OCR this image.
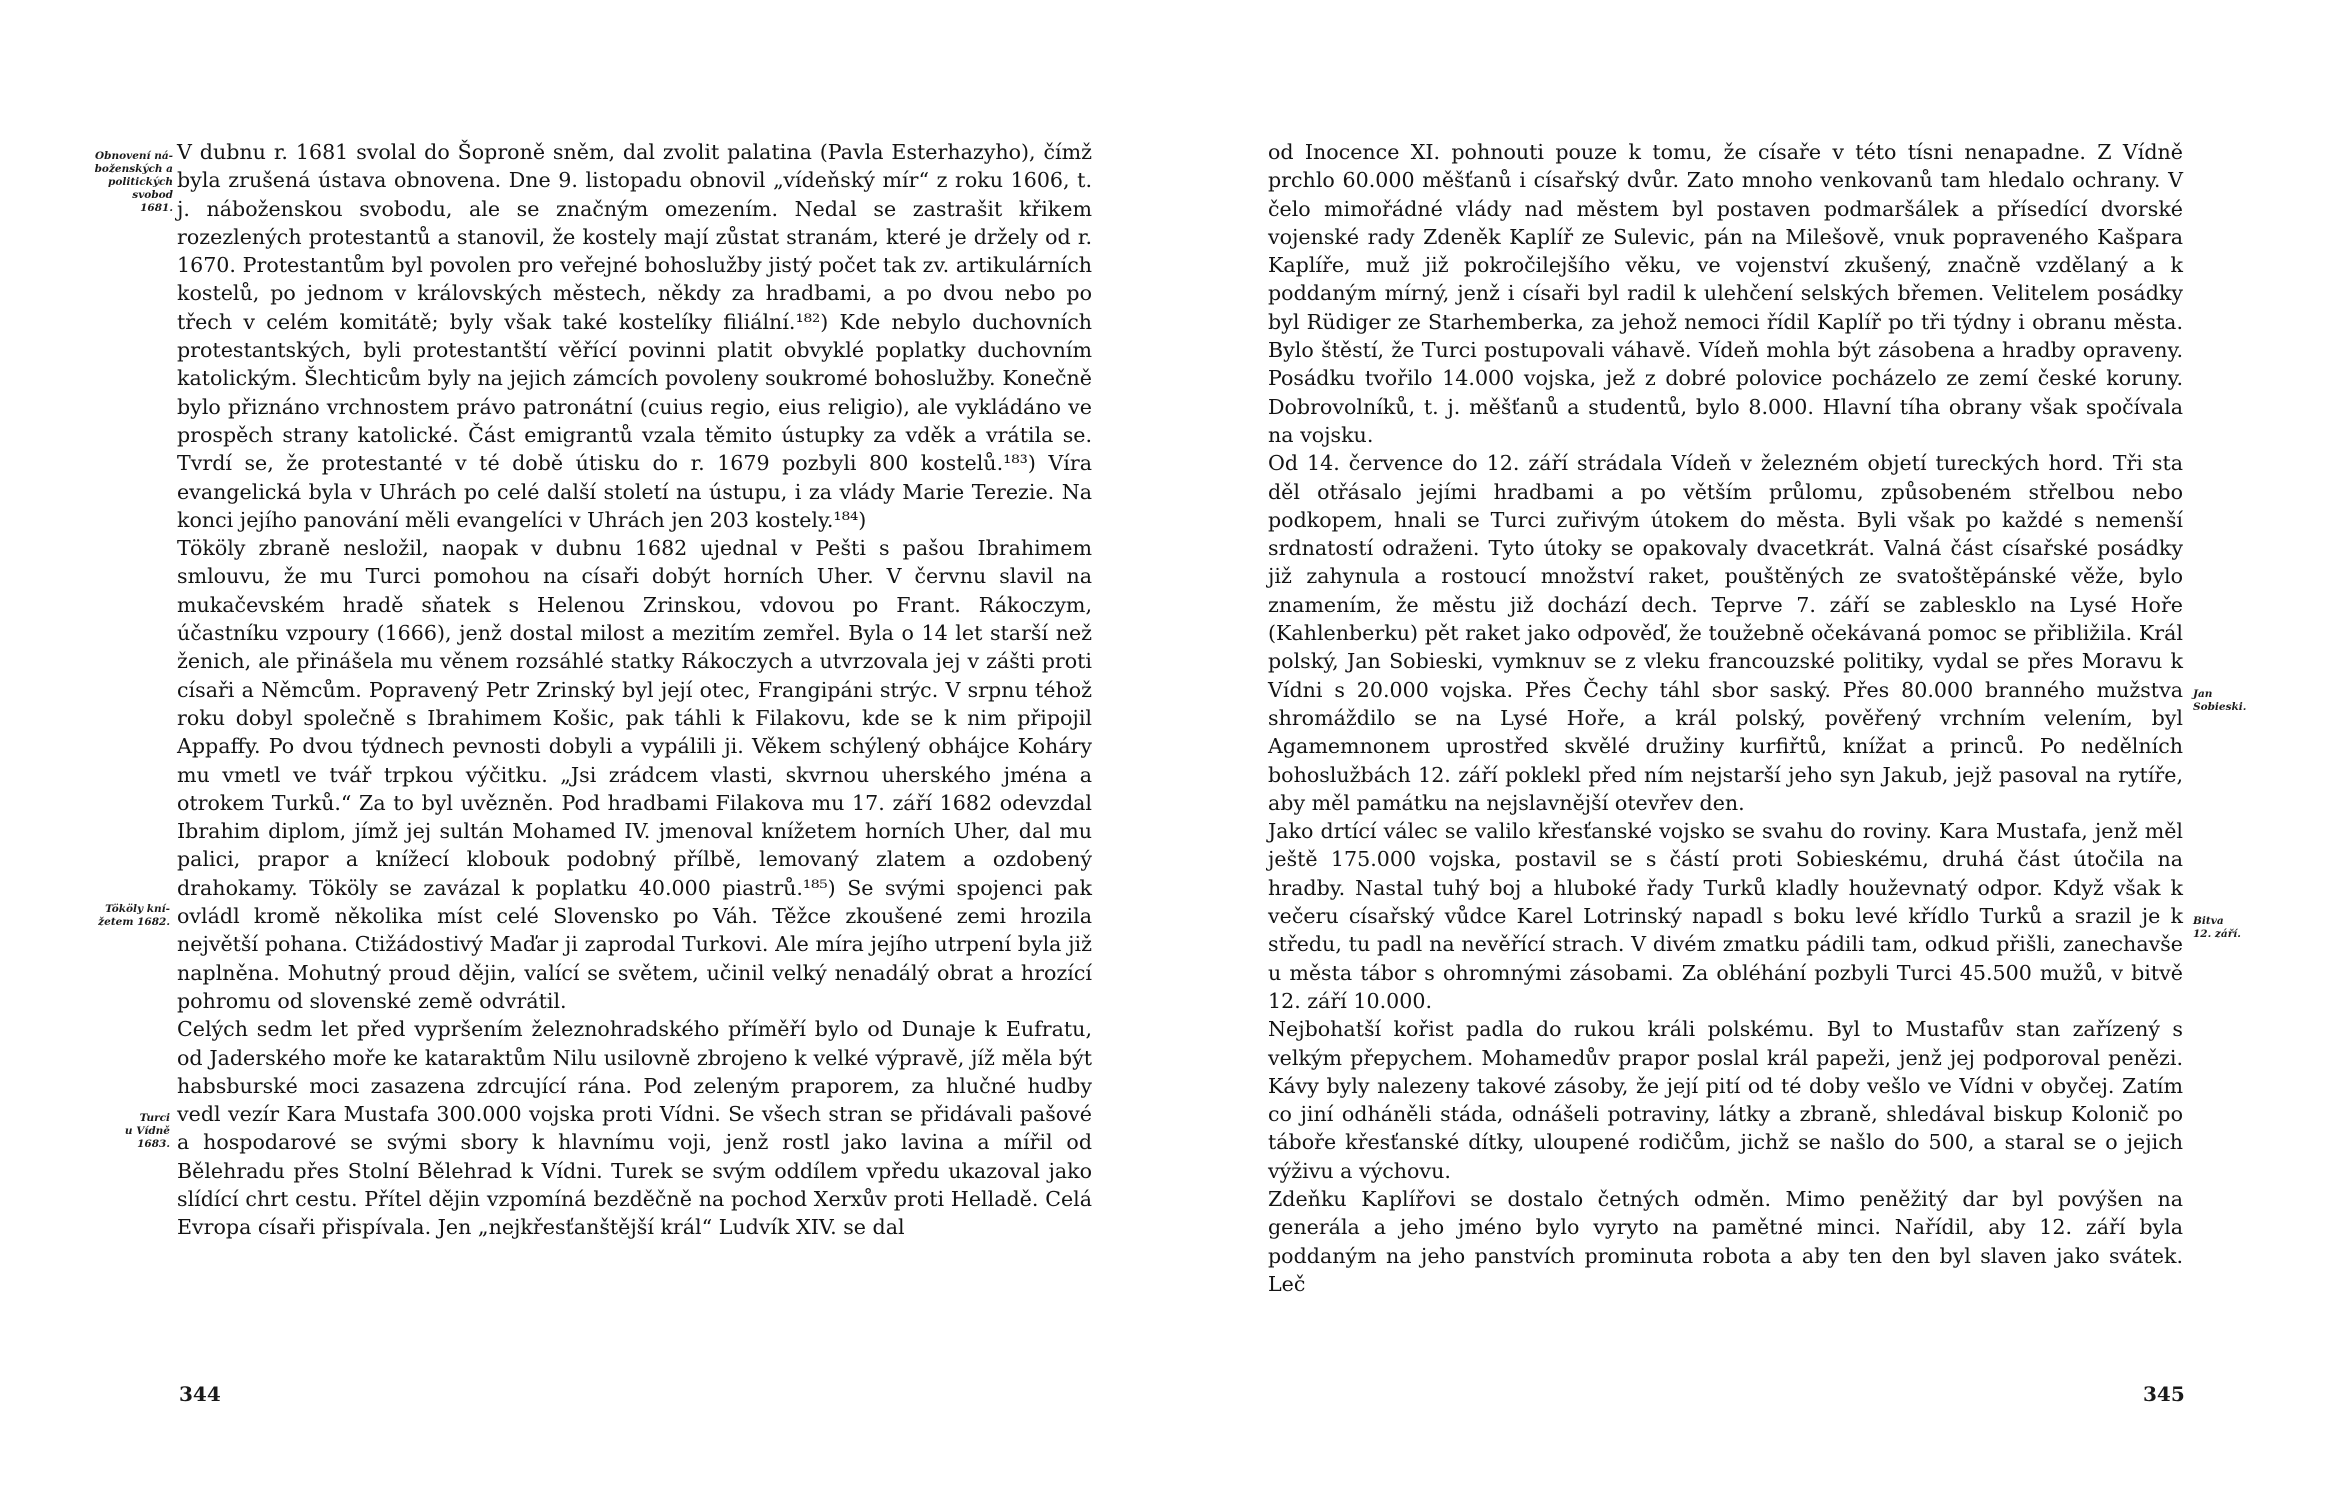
Obnovení ná-
boženských a
politických
svobod
1681.
Tököly kní-
žetem 1682.
Turci
u Vídně
1683.

V dubnu r. 1681 svolal do Šoproně sněm, dal zvolit palatina (Pavla Esterhazyho), čímž byla zrušená ústava obnovena. Dne 9. listopadu obnovil „vídeňský mír“ z roku 1606, t. j. náboženskou svobodu, ale se značným omezením. Nedal se zastrašit křikem rozezlených protestantů a stanovil, že kostely mají zůstat stranám, které je držely od r. 1670. Protestantům byl povolen pro veřejné bohoslužby jistý počet tak zv. artikulárních kostelů, po jednom v královských městech, někdy za hradbami, a po dvou nebo po třech v celém komitátě; byly však také kostelíky filiální.¹⁸²) Kde nebylo duchovních protestantských, byli protestantští věřící povinni platit obvyklé poplatky duchovním katolickým. Šlechticům byly na jejich zámcích povoleny soukromé bohoslužby. Konečně bylo přiznáno vrchnostem právo patronátní (cuius regio, eius religio), ale vykládáno ve prospěch strany katolické. Část emigrantů vzala těmito ústupky za vděk a vrátila se. Tvrdí se, že protestanté v té době útisku do r. 1679 pozbyli 800 kostelů.¹⁸³) Víra evangelická byla v Uhrách po celé další století na ústupu, i za vlády Marie Terezie. Na konci jejího panování měli evangelíci v Uhrách jen 203 kostely.¹⁸⁴)

Tököly zbraně nesložil, naopak v dubnu 1682 ujednal v Pešti s pašou Ibrahimem smlouvu, že mu Turci pomohou na císaři dobýt horních Uher. V červnu slavil na mukačevském hradě sňatek s Helenou Zrinskou, vdovou po Frant. Rákoczym, účastníku vzpoury (1666), jenž dostal milost a mezitím zemřel. Byla o 14 let starší než ženich, ale přinášela mu věnem rozsáhlé statky Rákoczych a utvrzovala jej v zášti proti císaři a Němcům. Popravený Petr Zrinský byl její otec, Frangipáni strýc. V srpnu téhož roku dobyl společně s Ibrahimem Košic, pak táhli k Filakovu, kde se k nim připojil Appaffy. Po dvou týdnech pevnosti dobyli a vypálili ji. Věkem schýlený obhájce Koháry mu vmetl ve tvář trpkou výčitku. „Jsi zrádcem vlasti, skvrnou uherského jména a otrokem Turků.“ Za to byl uvězněn. Pod hradbami Filakova mu 17. září 1682 odevzdal Ibrahim diplom, jímž jej sultán Mohamed IV. jmenoval knížetem horních Uher, dal mu palici, prapor a knížecí klobouk podobný přílbě, lemovaný zlatem a ozdobený drahokamy. Tököly se zavázal k poplatku 40.000 piastrů.¹⁸⁵) Se svými spojenci pak ovládl kromě několika míst celé Slovensko po Váh. Těžce zkoušené zemi hrozila největší pohana. Ctižádostivý Maďar ji zaprodal Turkovi. Ale míra jejího utrpení byla již naplněna. Mohutný proud dějin, valící se světem, učinil velký nenadálý obrat a hrozící pohromu od slovenské země odvrátil.

Celých sedm let před vypršením železnohradského příměří bylo od Dunaje k Eufratu, od Jaderského moře ke kataraktům Nilu usilovně zbrojeno k velké výpravě, jíž měla být habsburské moci zasazena zdrcující rána. Pod zeleným praporem, za hlučné hudby vedl vezír Kara Mustafa 300.000 vojska proti Vídni. Se všech stran se přidávali pašové a hospodarové se svými sbory k hlavnímu voji, jenž rostl jako lavina a mířil od Bělehradu přes Stolní Bělehrad k Vídni. Turek se svým oddílem vpředu ukazoval jako slídící chrt cestu. Přítel dějin vzpomíná bezděčně na pochod Xerxův proti Helladě. Celá Evropa císaři přispívala. Jen „nejkřesťanštější král“ Ludvík XIV. se dal

344
Jan
Sobieski.
Bitva
12. září.

od Inocence XI. pohnouti pouze k tomu, že císaře v této tísni nenapadne. Z Vídně prchlo 60.000 měšťanů i císařský dvůr. Zato mnoho venkovanů tam hledalo ochrany. V čelo mimořádné vlády nad městem byl postaven podmaršálek a přísedící dvorské vojenské rady Zdeněk Kaplíř ze Sulevic, pán na Milešově, vnuk popraveného Kašpara Kaplíře, muž již pokročilejšího věku, ve vojenství zkušený, značně vzdělaný a k poddaným mírný, jenž i císaři byl radil k ulehčení selských břemen. Velitelem posádky byl Rüdiger ze Starhemberka, za jehož nemoci řídil Kaplíř po tři týdny i obranu města. Bylo štěstí, že Turci postupovali váhavě. Vídeň mohla být zásobena a hradby opraveny. Posádku tvořilo 14.000 vojska, jež z dobré polovice pocházelo ze zemí české koruny. Dobrovolníků, t. j. měšťanů a studentů, bylo 8.000. Hlavní tíha obrany však spočívala na vojsku.

Od 14. července do 12. září strádala Vídeň v železném objetí tureckých hord. Tři sta děl otřásalo jejími hradbami a po větším průlomu, způsobeném střelbou nebo podkopem, hnali se Turci zuřivým útokem do města. Byli však po každé s nemenší srdnatostí odraženi. Tyto útoky se opakovaly dvacetkrát. Valná část císařské posádky již zahynula a rostoucí množství raket, pouštěných ze svatoštěpánské věže, bylo znamením, že městu již dochází dech. Teprve 7. září se zablesklo na Lysé Hoře (Kahlenberku) pět raket jako odpověď, že toužebně očekávaná pomoc se přibližila. Král polský, Jan Sobieski, vymknuv se z vleku francouzské politiky, vydal se přes Moravu k Vídni s 20.000 vojska. Přes Čechy táhl sbor saský. Přes 80.000 branného mužstva shromáždilo se na Lysé Hoře, a král polský, pověřený vrchním velením, byl Agamemnonem uprostřed skvělé družiny kurfiřtů, knížat a princů. Po nedělních bohoslužbách 12. září poklekl před ním nejstarší jeho syn Jakub, jejž pasoval na rytíře, aby měl památku na nejslavnější otevřev den.

Jako drtící válec se valilo křesťanské vojsko se svahu do roviny. Kara Mustafa, jenž měl ještě 175.000 vojska, postavil se s částí proti Sobieskému, druhá část útočila na hradby. Nastal tuhý boj a hluboké řady Turků kladly houževnatý odpor. Když však k večeru císařský vůdce Karel Lotrinský napadl s boku levé křídlo Turků a srazil je k středu, tu padl na nevěřící strach. V divém zmatku pádili tam, odkud přišli, zanechavše u města tábor s ohromnými zásobami. Za obléhání pozbyli Turci 45.500 mužů, v bitvě 12. září 10.000.

Nejbohatší kořist padla do rukou králi polskému. Byl to Mustafův stan zařízený s velkým přepychem. Mohamedův prapor poslal král papeži, jenž jej podporoval penězi. Kávy byly nalezeny takové zásoby, že její pití od té doby vešlo ve Vídni v obyčej. Zatím co jiní odháněli stáda, odnášeli potraviny, látky a zbraně, shledával biskup Kolonič po táboře křesťanské dítky, uloupené rodičům, jichž se našlo do 500, a staral se o jejich výživu a výchovu.

Zdeňku Kaplířovi se dostalo četných odměn. Mimo peněžitý dar byl povýšen na generála a jeho jméno bylo vyryto na pamětné minci. Nařídil, aby 12. září byla poddaným na jeho panstvích prominuta robota a aby ten den byl slaven jako svátek. Leč

345
